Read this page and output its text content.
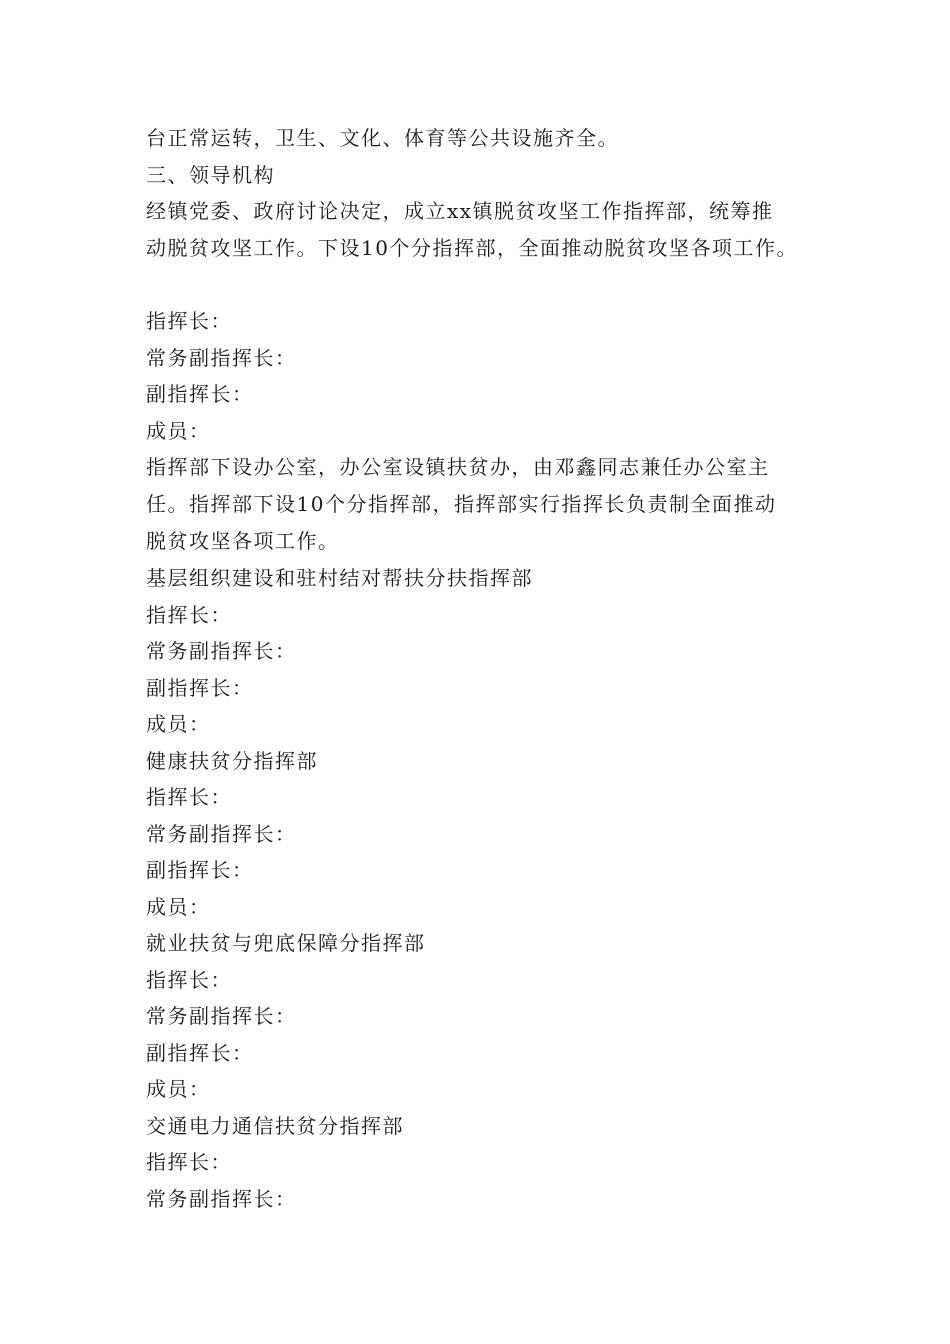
台正常运转，卫生、文化、体育等公共设施齐全。
三、领导机构
经镇党委、政府讨论决定，成立xx镇脱贫攻坚工作指挥部，统筹推
动脱贫攻坚工作。下设10个分指挥部，全面推动脱贫攻坚各项工作。
指挥长：
常务副指挥长：
副指挥长：
成员：
指挥部下设办公室，办公室设镇扶贫办，由邓鑫同志兼任办公室主
任。指挥部下设10个分指挥部，指挥部实行指挥长负责制全面推动
脱贫攻坚各项工作。
基层组织建设和驻村结对帮扶分扶指挥部
指挥长：
常务副指挥长：
副指挥长：
成员：
健康扶贫分指挥部
指挥长：
常务副指挥长：
副指挥长：
成员：
就业扶贫与兜底保障分指挥部
指挥长：
常务副指挥长：
副指挥长：
成员：
交通电力通信扶贫分指挥部
指挥长：
常务副指挥长：
